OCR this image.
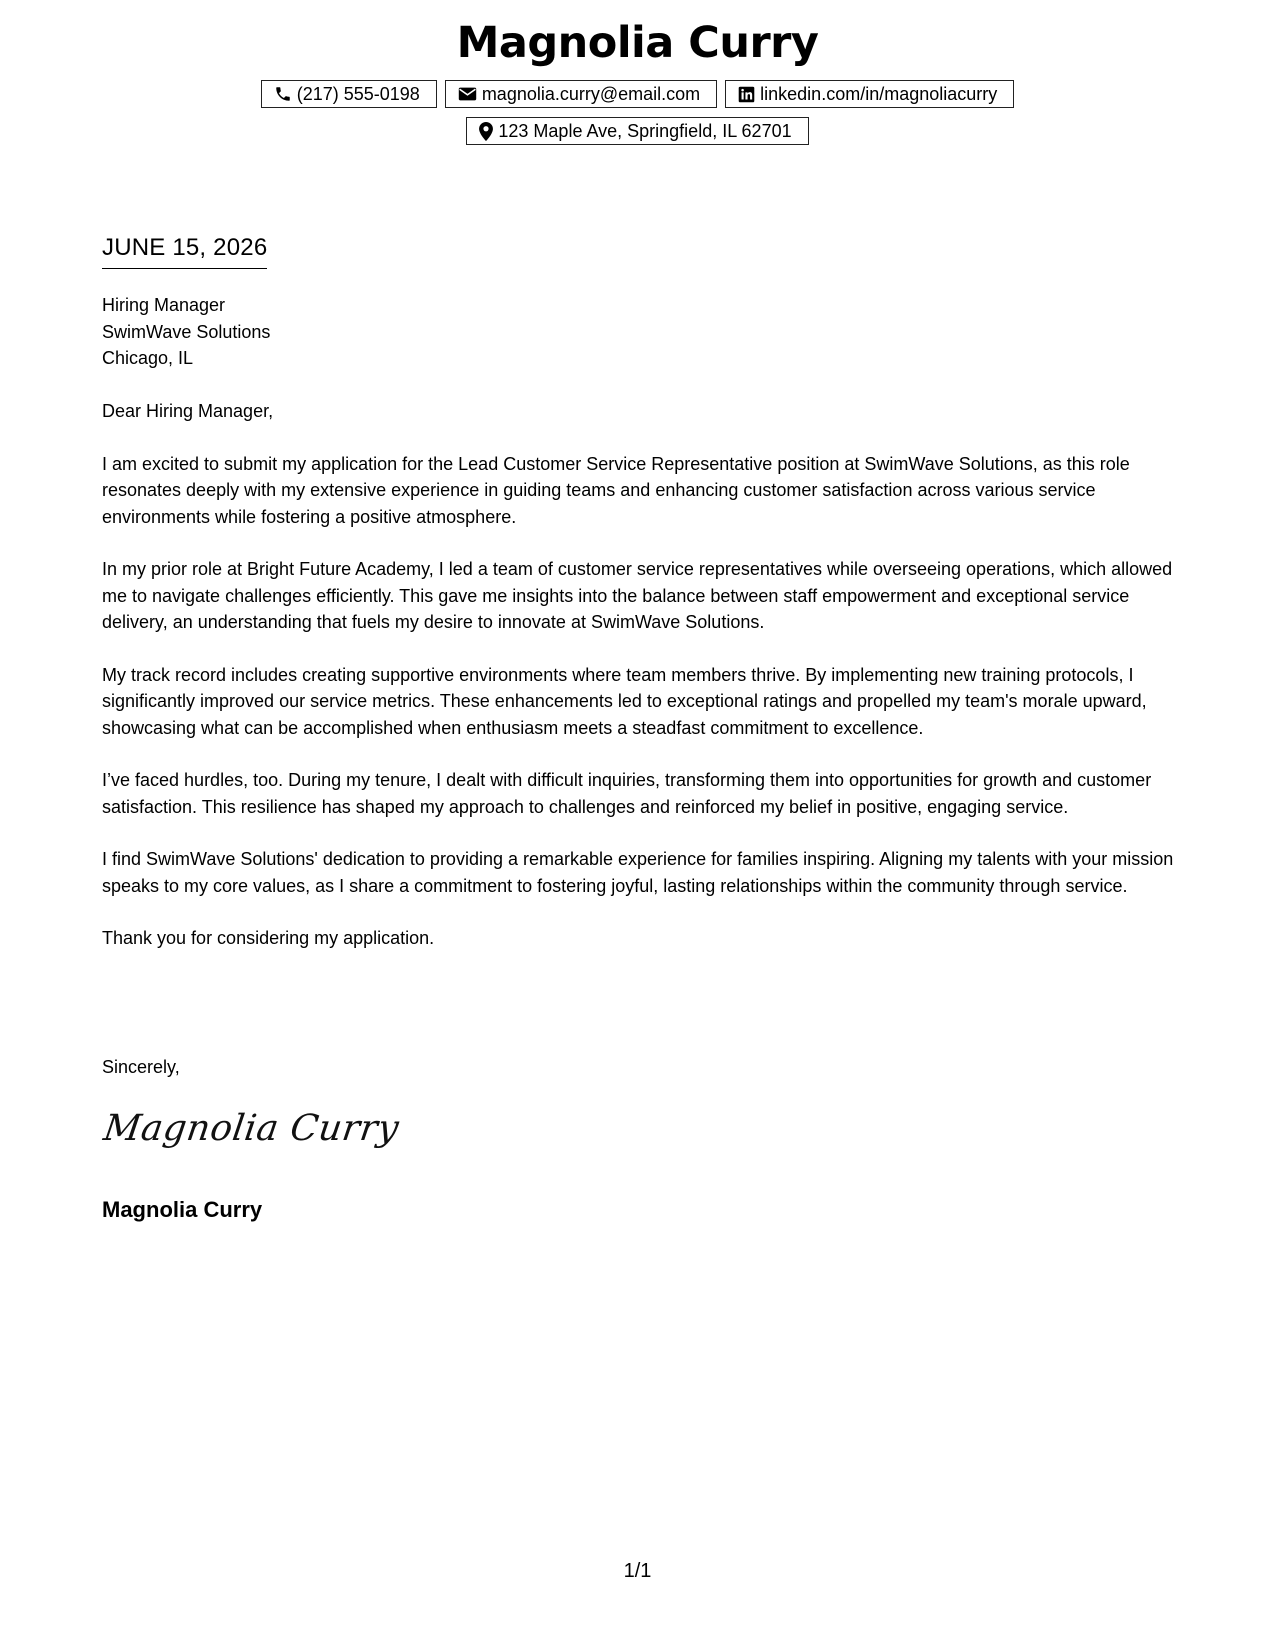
Magnolia Curry
(217) 555-0198	magnolia.curry@email.com	linkedin.com/in/magnoliacurry
123 Maple Ave, Springfield, IL 62701
JUNE 15, 2026
Hiring Manager
SwimWave Solutions
Chicago, IL

Dear Hiring Manager,

I am excited to submit my application for the Lead Customer Service Representative position at SwimWave Solutions, as this role resonates deeply with my extensive experience in guiding teams and enhancing customer satisfaction across various service environments while fostering a positive atmosphere.

In my prior role at Bright Future Academy, I led a team of customer service representatives while overseeing operations, which allowed me to navigate challenges efficiently. This gave me insights into the balance between staff empowerment and exceptional service delivery, an understanding that fuels my desire to innovate at SwimWave Solutions.

My track record includes creating supportive environments where team members thrive. By implementing new training protocols, I significantly improved our service metrics. These enhancements led to exceptional ratings and propelled my team's morale upward, showcasing what can be accomplished when enthusiasm meets a steadfast commitment to excellence.

I’ve faced hurdles, too. During my tenure, I dealt with difficult inquiries, transforming them into opportunities for growth and customer satisfaction. This resilience has shaped my approach to challenges and reinforced my belief in positive, engaging service.

I find SwimWave Solutions' dedication to providing a remarkable experience for families inspiring. Aligning my talents with your mission speaks to my core values, as I share a commitment to fostering joyful, lasting relationships within the community through service.

Thank you for considering my application.

Sincerely,
Magnolia Curry
Magnolia Curry
1/1
